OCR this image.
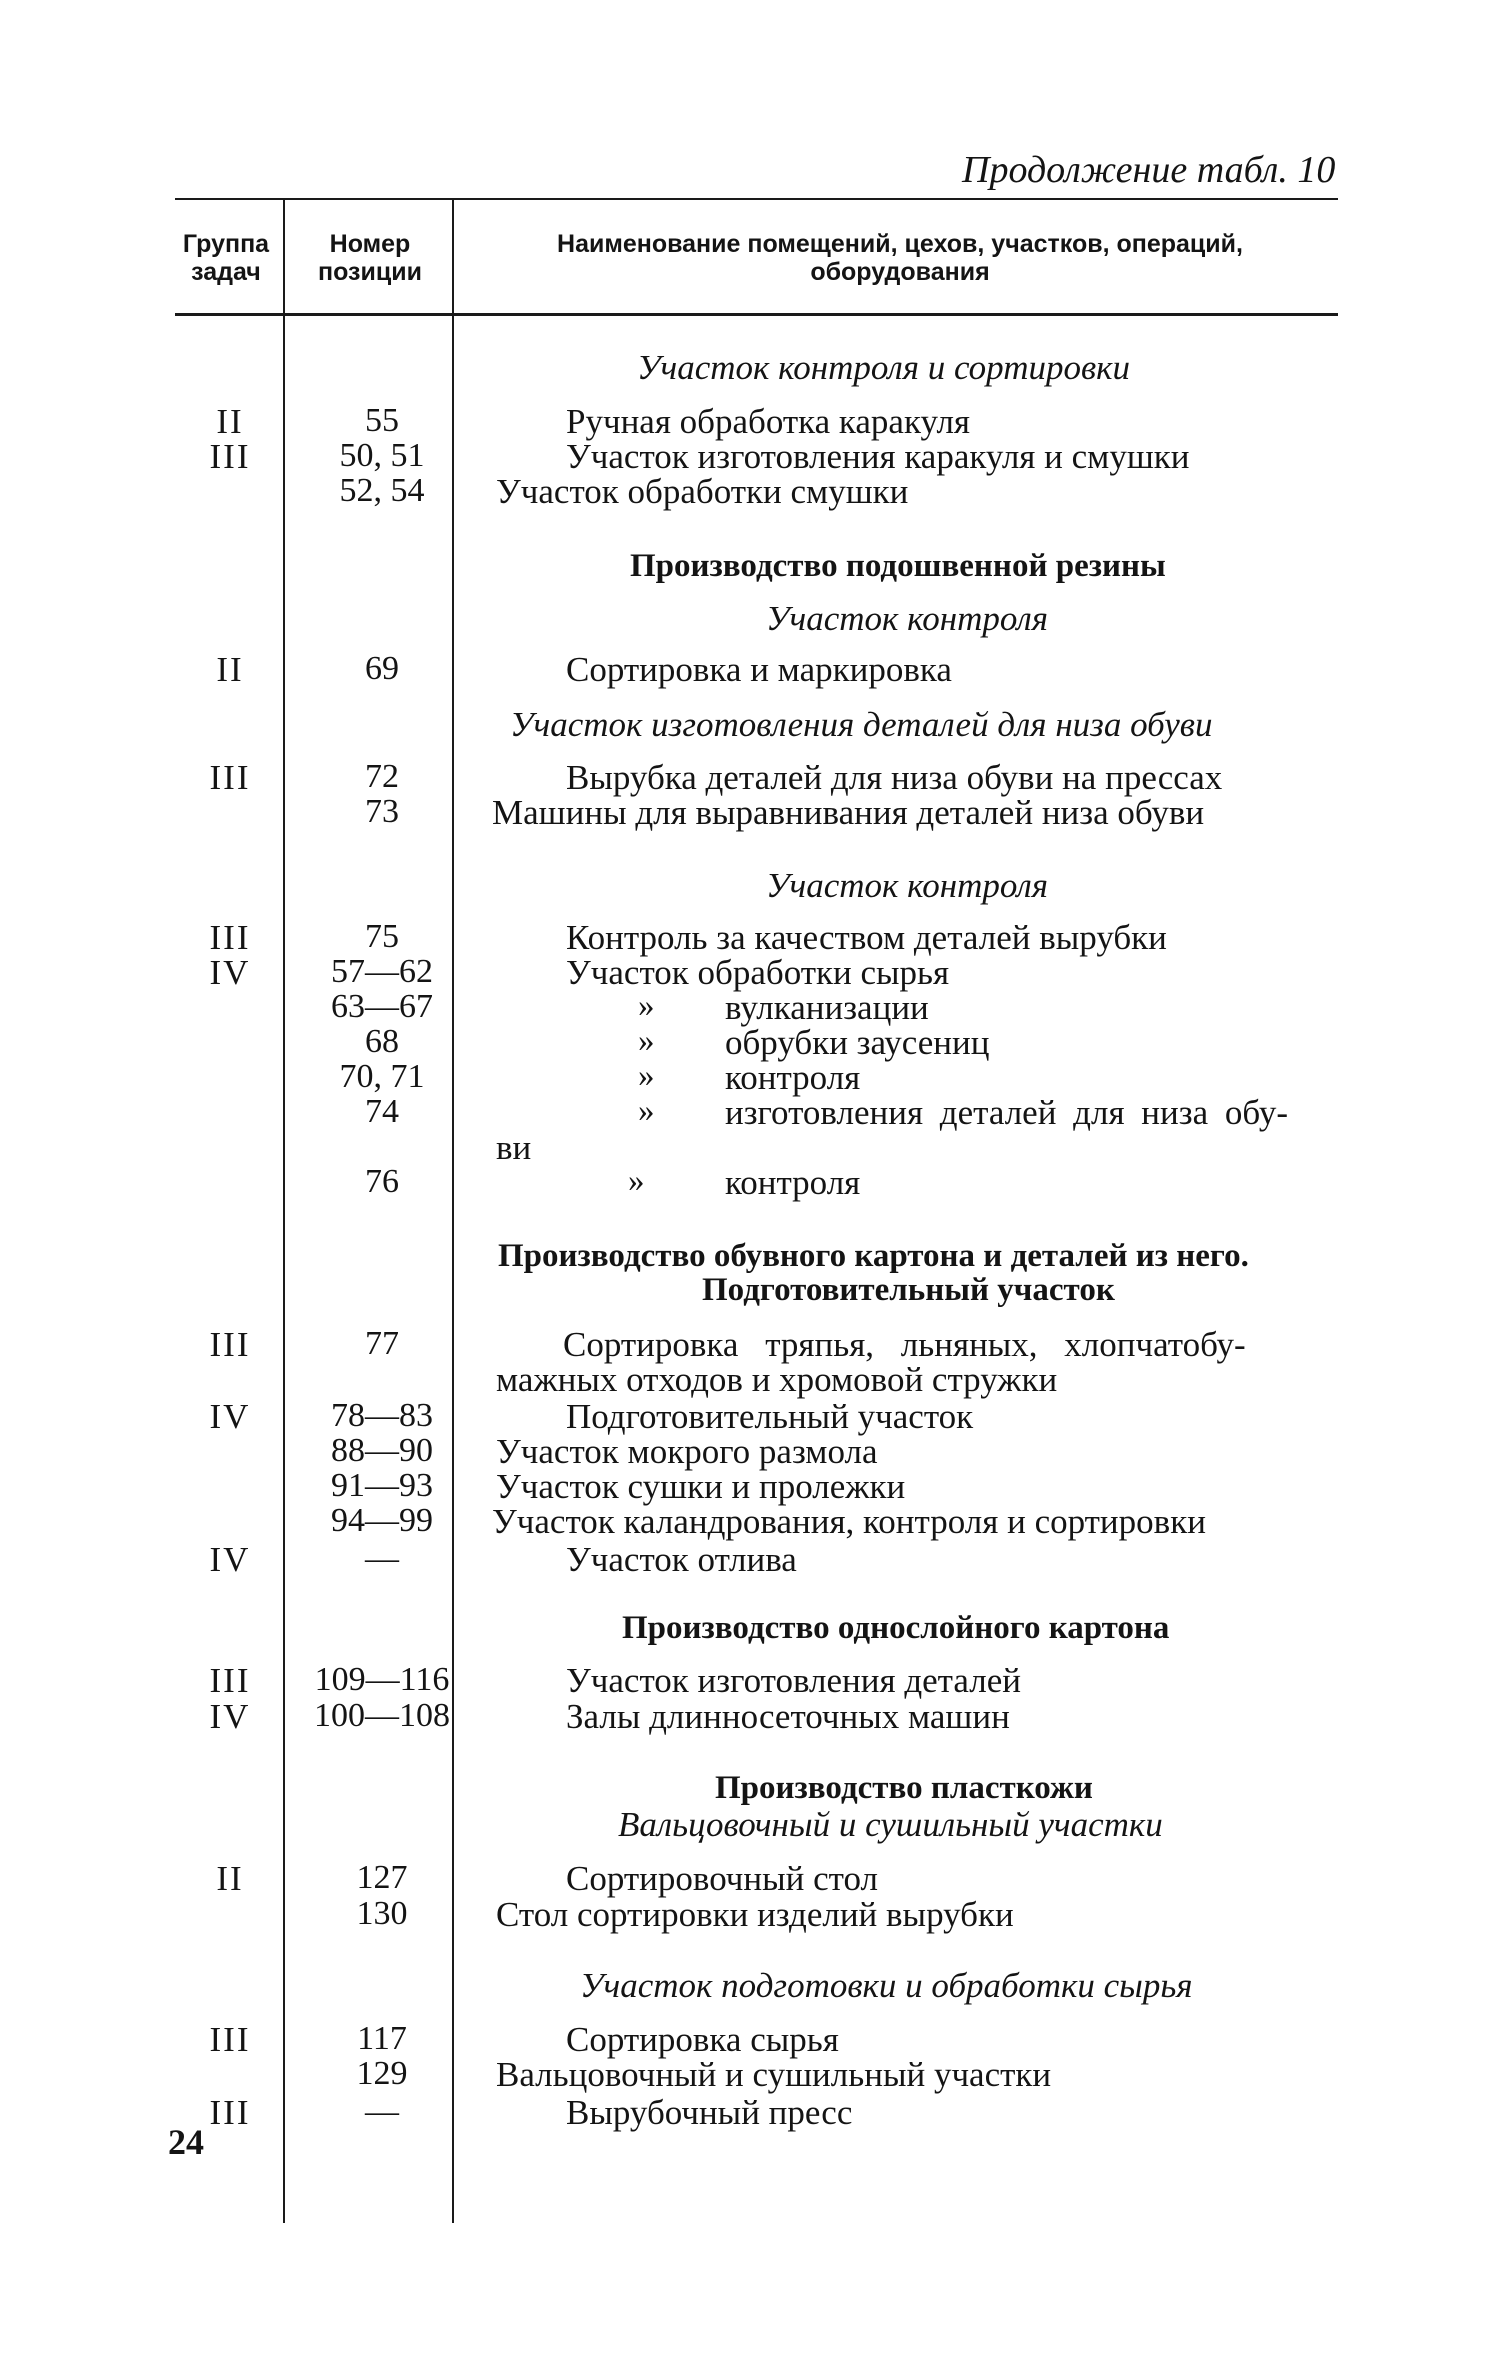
Продолжение табл. 10
Группа
задач
Номер
позиции
Наименование помещений, цехов, участков, операций,
оборудования
II
III
II
III
III
IV
III
IV
IV
III
IV
II
III
III
55
50, 51
52, 54
69
72
73
75
57—62
63—67
68
70, 71
74
76
77
78—83
88—90
91—93
94—99
—
109—116
100—108
127
130
117
129
—
Участок контроля и сортировки
Ручная обработка каракуля
Участок изготовления каракуля и смушки
Участок обработки смушки
Производство подошвенной резины
Участок контроля
Сортировка и маркировка
Участок изготовления деталей для низа обуви
Вырубка деталей для низа обуви на прессах
Машины для выравнивания деталей низа обуви
Участок контроля
Контроль за качеством деталей вырубки
Участок обработки сырья
» вулканизации
» обрубки заусениц
» контроля
» изготовления деталей для низа обу-
ви
» контроля
Производство обувного картона и деталей из него.
Подготовительный участок
Сортировка тряпья, льняных, хлопчатобу-
мажных отходов и хромовой стружки
Подготовительный участок
Участок мокрого размола
Участок сушки и пролежки
Участок каландрования, контроля и сортировки
Участок отлива
Производство однослойного картона
Участок изготовления деталей
Залы длинносеточных машин
Производство пласткожи
Вальцовочный и сушильный участки
Сортировочный стол
Стол сортировки изделий вырубки
Участок подготовки и обработки сырья
Сортировка сырья
Вальцовочный и сушильный участки
Вырубочный пресс
24
